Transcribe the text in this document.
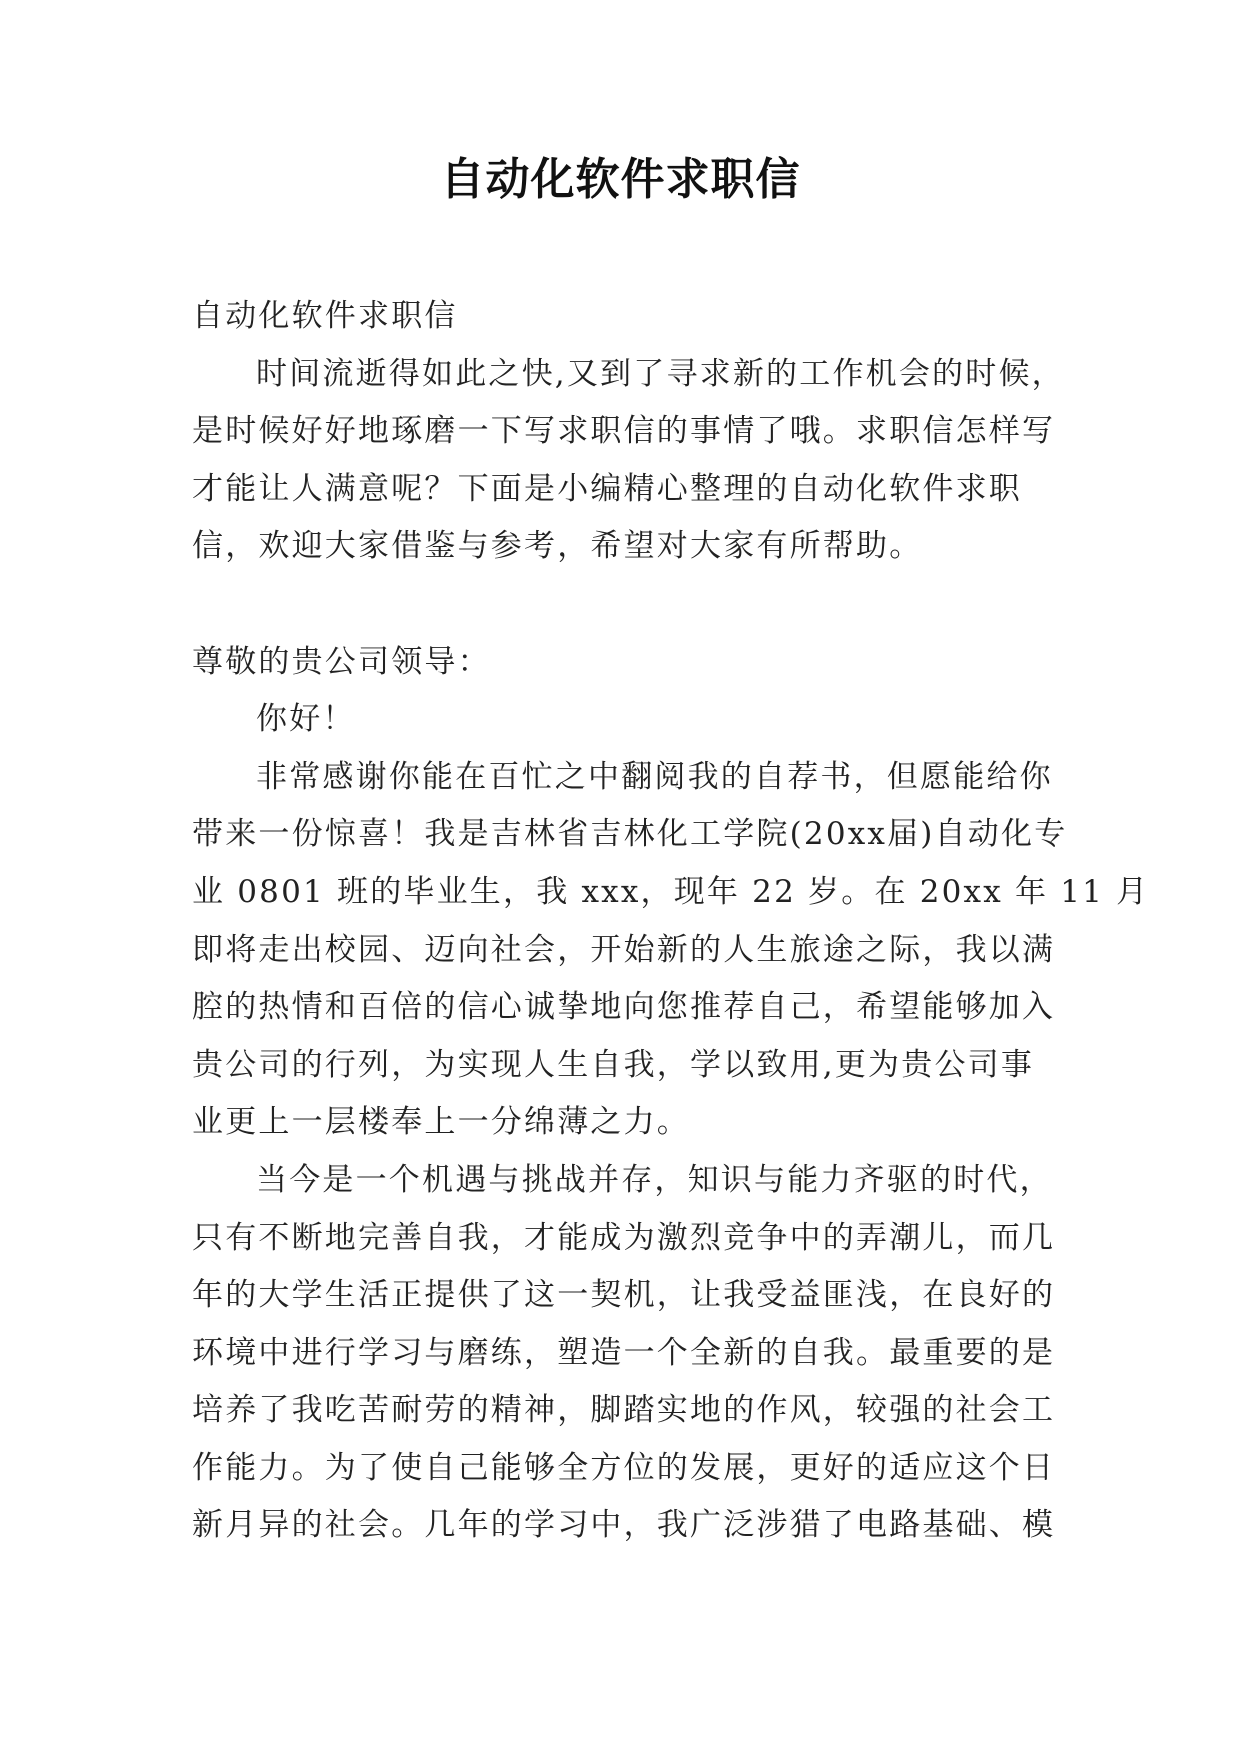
自动化软件求职信
自动化软件求职信
时间流逝得如此之快,又到了寻求新的工作机会的时候，
是时候好好地琢磨一下写求职信的事情了哦。求职信怎样写
才能让人满意呢？下面是小编精心整理的自动化软件求职
信，欢迎大家借鉴与参考，希望对大家有所帮助。
尊敬的贵公司领导：
你好！
非常感谢你能在百忙之中翻阅我的自荐书，但愿能给你
带来一份惊喜！我是吉林省吉林化工学院(20xx届)自动化专
业 0801 班的毕业生，我 xxx，现年 22 岁。在 20xx 年 11 月
即将走出校园、迈向社会，开始新的人生旅途之际，我以满
腔的热情和百倍的信心诚挚地向您推荐自己，希望能够加入
贵公司的行列，为实现人生自我，学以致用,更为贵公司事
业更上一层楼奉上一分绵薄之力。
当今是一个机遇与挑战并存，知识与能力齐驱的时代，
只有不断地完善自我，才能成为激烈竞争中的弄潮儿，而几
年的大学生活正提供了这一契机，让我受益匪浅，在良好的
环境中进行学习与磨练，塑造一个全新的自我。最重要的是
培养了我吃苦耐劳的精神，脚踏实地的作风，较强的社会工
作能力。为了使自己能够全方位的发展，更好的适应这个日
新月异的社会。几年的学习中，我广泛涉猎了电路基础、模
